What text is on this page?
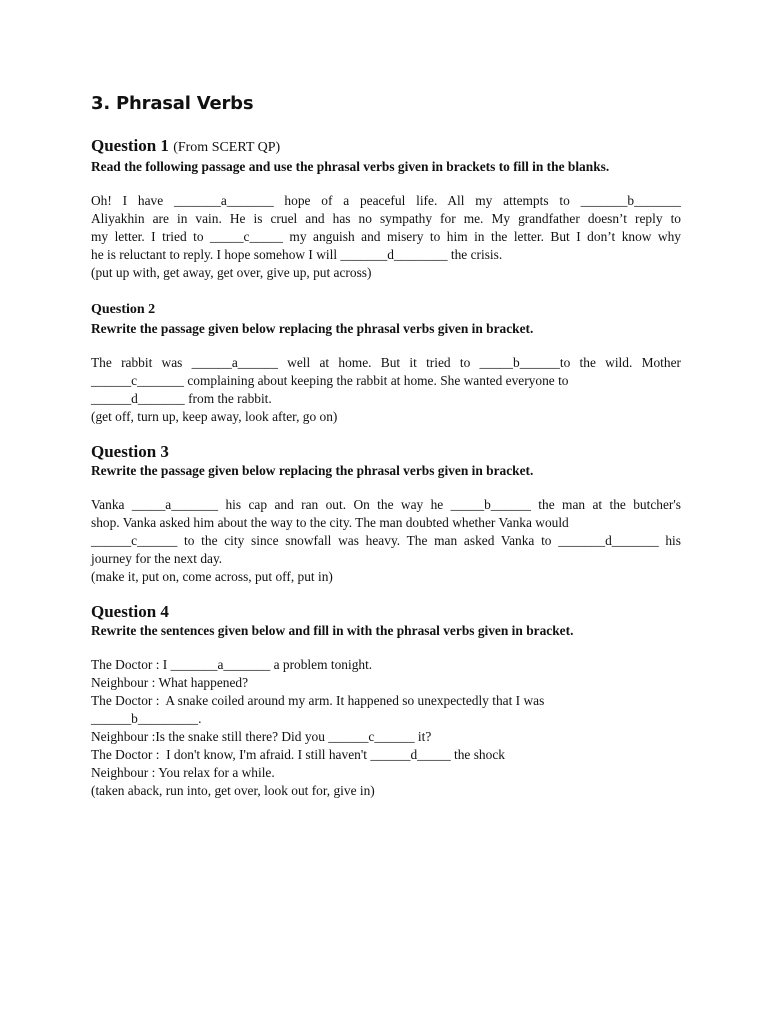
3. Phrasal Verbs
Question 1 (From SCERT QP)
Read the following passage and use the phrasal verbs given in brackets to fill in the blanks.
Oh! I have _______a_______ hope of a peaceful life. All my attempts to _______b_______
Aliyakhin are in vain. He is cruel and has no sympathy for me. My grandfather doesn’t reply to
my letter. I tried to _____c_____ my anguish and misery to him in the letter. But I don’t know why
he is reluctant to reply. I hope somehow I will _______d________ the crisis.
(put up with, get away, get over, give up, put across)
Question 2
Rewrite the passage given below replacing the phrasal verbs given in bracket.
The rabbit was ______a______ well at home. But it tried to _____b______to the wild. Mother
______c_______ complaining about keeping the rabbit at home. She wanted everyone to
______d_______ from the rabbit.
(get off, turn up, keep away, look after, go on)
Question 3
Rewrite the passage given below replacing the phrasal verbs given in bracket.
Vanka _____a_______ his cap and ran out. On the way he _____b______ the man at the butcher's
shop. Vanka asked him about the way to the city. The man doubted whether Vanka would
______c______ to the city since snowfall was heavy. The man asked Vanka to _______d_______ his
journey for the next day.
(make it, put on, come across, put off, put in)
Question 4
Rewrite the sentences given below and fill in with the phrasal verbs given in bracket.
The Doctor : I _______a_______ a problem tonight.
Neighbour : What happened?
The Doctor :  A snake coiled around my arm. It happened so unexpectedly that I was
______b_________.
Neighbour :Is the snake still there? Did you ______c______ it?
The Doctor :  I don't know, I'm afraid. I still haven't ______d_____ the shock
Neighbour : You relax for a while.
(taken aback, run into, get over, look out for, give in)
